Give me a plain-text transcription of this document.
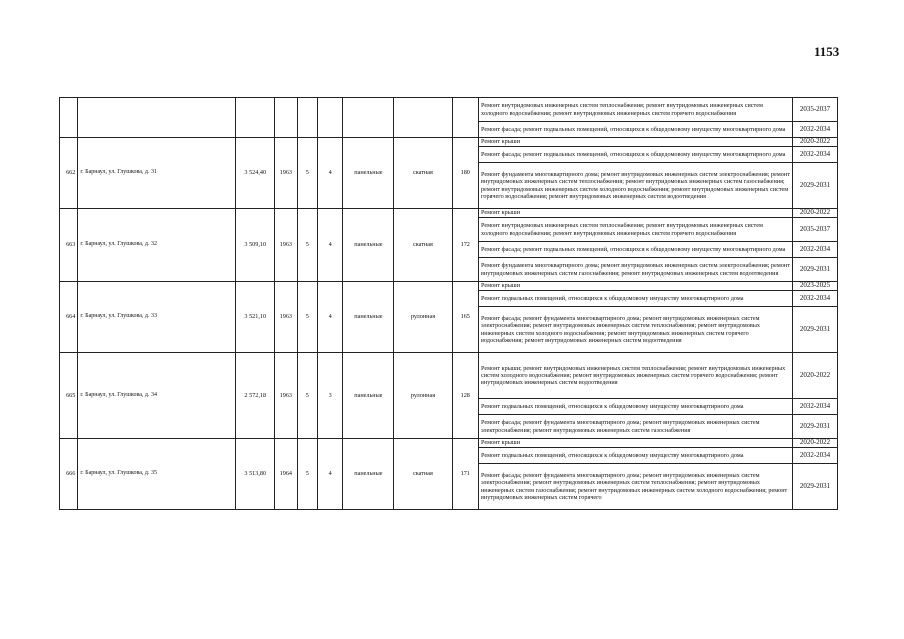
1153
									Ремонт внутридомовых инженерных систем теплоснабжения; ремонт внутридомовых инженерных систем холодного водоснабжения; ремонт внутридомовых инженерных систем горячего водоснабжения	2035-2037
									Ремонт фасада; ремонт подвальных помещений, относящихся к общедомовому имуществу многоквартирного дома	2032-2034
662	г. Барнаул, ул. Глушкова, д. 31	3 524,40	1963	5	4	панельные	скатная	180	Ремонт крыши	2020-2022
									Ремонт фасада; ремонт подвальных помещений, относящихся к общедомовому имуществу многоквартирного дома	2032-2034
									Ремонт фундамента многоквартирного дома; ремонт внутридомовых инженерных систем электроснабжения; ремонт внутридомовых инженерных систем теплоснабжения; ремонт внутридомовых инженерных систем газоснабжения; ремонт внутридомовых инженерных систем холодного водоснабжения; ремонт внутридомовых инженерных систем горячего водоснабжения; ремонт внутридомовых инженерных систем водоотведения	2029-2031
663	г. Барнаул, ул. Глушкова, д. 32	3 509,10	1963	5	4	панельные	скатная	172	Ремонт крыши	2020-2022
									Ремонт внутридомовых инженерных систем теплоснабжения; ремонт внутридомовых инженерных систем холодного водоснабжения; ремонт внутридомовых инженерных систем горячего водоснабжения	2035-2037
									Ремонт фасада; ремонт подвальных помещений, относящихся к общедомовому имуществу многоквартирного дома	2032-2034
									Ремонт фундамента многоквартирного дома; ремонт внутридомовых инженерных систем электроснабжения; ремонт внутридомовых инженерных систем газоснабжения; ремонт внутридомовых инженерных систем водоотведения	2029-2031
664	г. Барнаул, ул. Глушкова, д. 33	3 521,10	1963	5	4	панельные	рулонная	165	Ремонт крыши	2023-2025
									Ремонт подвальных помещений, относящихся к общедомовому имуществу многоквартирного дома	2032-2034
									Ремонт фасада; ремонт фундамента многоквартирного дома; ремонт внутридомовых инженерных систем электроснабжения; ремонт внутридомовых инженерных систем теплоснабжения; ремонт внутридомовых инженерных систем холодного водоснабжения; ремонт внутридомовых инженерных систем горячего водоснабжения; ремонт внутридомовых инженерных систем водоотведения	2029-2031
665	г. Барнаул, ул. Глушкова, д. 34	2 572,18	1963	5	3	панельные	рулонная	128	Ремонт крыши; ремонт внутридомовых инженерных систем теплоснабжения; ремонт внутридомовых инженерных систем холодного водоснабжения; ремонт внутридомовых инженерных систем горячего водоснабжения; ремонт внутридомовых инженерных систем водоотведения	2020-2022
									Ремонт подвальных помещений, относящихся к общедомовому имуществу многоквартирного дома	2032-2034
									Ремонт фасада; ремонт фундамента многоквартирного дома; ремонт внутридомовых инженерных систем электроснабжения; ремонт внутридомовых инженерных систем газоснабжения	2029-2031
666	г. Барнаул, ул. Глушкова, д. 35	3 513,80	1964	5	4	панельные	скатная	171	Ремонт крыши	2020-2022
									Ремонт подвальных помещений, относящихся к общедомовому имуществу многоквартирного дома	2032-2034
									Ремонт фасада; ремонт фундамента многоквартирного дома; ремонт внутридомовых инженерных систем электроснабжения; ремонт внутридомовых инженерных систем теплоснабжения; ремонт внутридомовых инженерных систем газоснабжения; ремонт внутридомовых инженерных систем холодного водоснабжения; ремонт внутридомовых инженерных систем горячего	2029-2031
